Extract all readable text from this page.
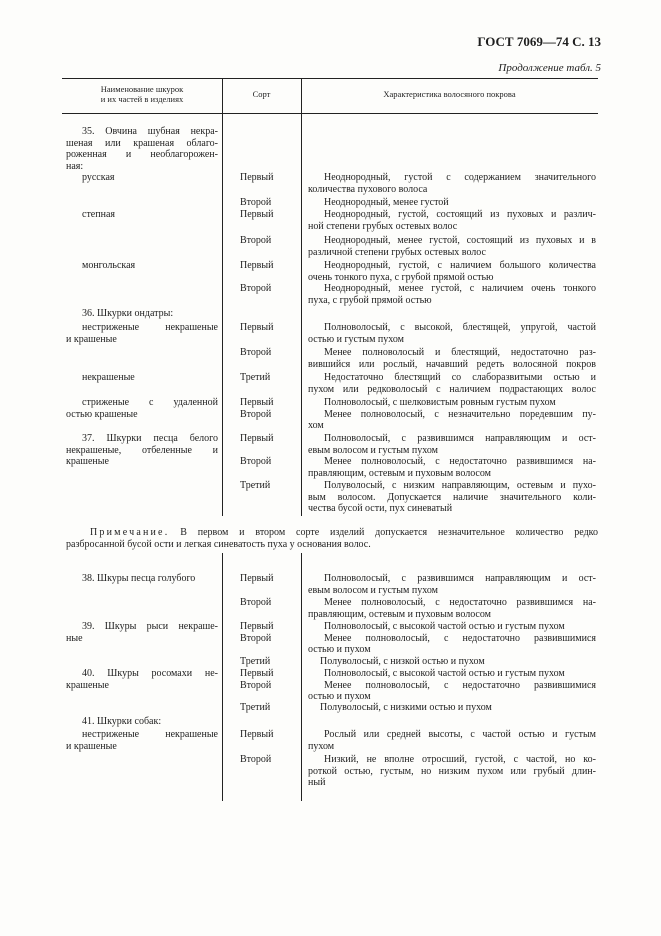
ГОСТ 7069—74 С. 13
Продолжение табл. 5
Наименование шкурок
и их частей в изделиях	Сорт	Характеристика волосяного покрова
35. Овчина шубная некра-
шеная или крашеная облаго-
роженная и необлагорожен-
ная:
русская	Первый	Неоднородный, густой с содержанием значительного
количества пухового волоса
Второй	Неоднородный, менее густой
степная	Первый	Неоднородный, густой, состоящий из пуховых и различ-
ной степени грубых остевых волос
Второй	Неоднородный, менее густой, состоящий из пуховых и в
различной степени грубых остевых волос
монгольская	Первый	Неоднородный, густой, с наличием большого количества
очень тонкого пуха, с грубой прямой остью
Второй	Неоднородный, менее густой, с наличием очень тонкого
пуха, с грубой прямой остью
36. Шкурки ондатры:
нестриженые некрашеные
и крашеные
Первый	Полноволосый, с высокой, блестящей, упругой, частой
остью и густым пухом
Второй	Менее полноволосый и блестящий, недостаточно раз-
вившийся или рослый, начавший редеть волосяной покров
некрашеные	Третий	Недостаточно блестящий со слаборазвитыми остью и
пухом или редковолосый с наличием подрастающих волос
стриженые с удаленной
остью крашеные
Первый	Полноволосый, с шелковистым ровным густым пухом
Второй	Менее полноволосый, с незначительно поредевшим пу-
хом
37. Шкурки песца белого
некрашеные, отбеленные и
крашеные
Первый	Полноволосый, с развившимся направляющим и ост-
евым волосом и густым пухом
Второй	Менее полноволосый, с недостаточно развившимся на-
правляющим, остевым и пуховым волосом
Третий	Полуволосый, с низким направляющим, остевым и пухо-
вым волосом. Допускается наличие значительного коли-
чества бусой ости, пух синеватый
Примечание. В первом и втором сорте изделий допускается незначительное количество редко
разбросанной бусой ости и легкая синеватость пуха у основания волос.
38. Шкуры песца голубого	Первый	Полноволосый, с развившимся направляющим и ост-
евым волосом и густым пухом
Второй	Менее полноволосый, с недостаточно развившимся на-
правляющим, остевым и пуховым волосом
39. Шкуры рыси некраше-
ные
Первый	Полноволосый, с высокой частой остью и густым пухом
Второй	Менее полноволосый, с недостаточно развившимися
остью и пухом
Третий	Полуволосый, с низкой остью и пухом
40. Шкуры росомахи не-
крашеные
Первый	Полноволосый, с высокой частой остью и густым пухом
Второй	Менее полноволосый, с недостаточно развившимися
остью и пухом
Третий	Полуволосый, с низкими остью и пухом
41. Шкурки собак:
нестриженые некрашеные
и крашеные
Первый	Рослый или средней высоты, с частой остью и густым
пухом
Второй	Низкий, не вполне отросший, густой, с частой, но ко-
роткой остью, густым, но низким пухом или грубый длин-
ный
